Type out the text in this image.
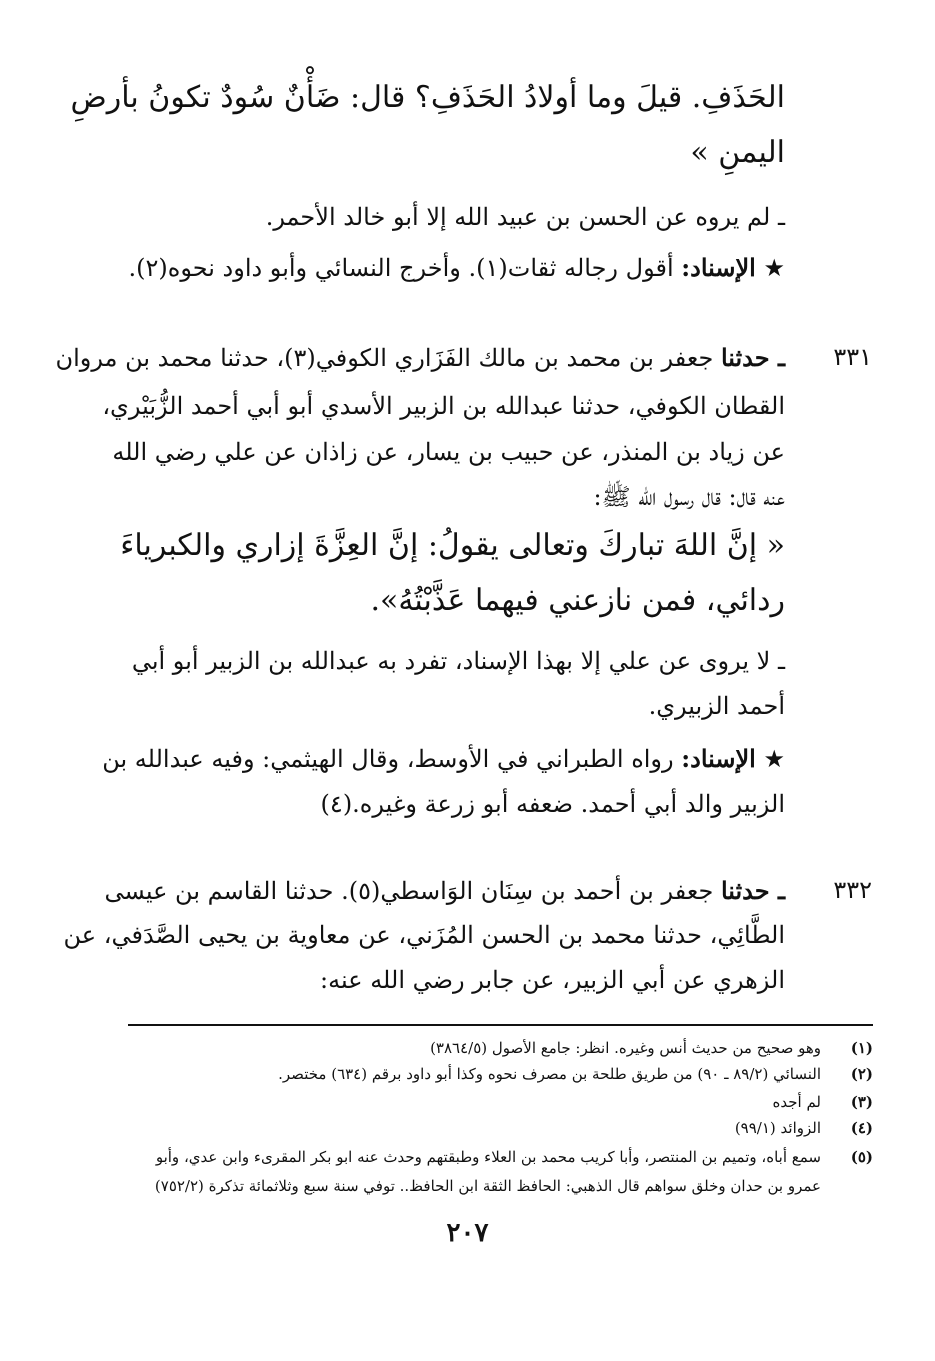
الحَذَفِ. قيلَ وما أولادُ الحَذَفِ؟ قال: ضَأْنٌ سُودٌ تكونُ بأرضِ
اليمنِ »
ـ لم يروه عن الحسن بن عبيد الله إلا أبو خالد الأحمر.
★ الإسناد: أقول رجاله ثقات(١). وأخرج النسائي وأبو داود نحوه(٢).
٣٣١
ـ حدثنا جعفر بن محمد بن مالك الفَزَاري الكوفي(٣)، حدثنا محمد بن مروان
القطان الكوفي، حدثنا عبدالله بن الزبير الأسدي أبو أبي أحمد الزُّبَيْري،
عن زياد بن المنذر، عن حبيب بن يسار، عن زاذان عن علي رضي الله
عنه قال: قال رسول الله ﷺ:
« إنَّ اللهَ تباركَ وتعالى يقولُ: إنَّ العِزَّةَ إزاري والكبرياءَ
ردائي، فمن نازعني فيهما عَذَّبْتُهُ».
ـ لا يروى عن علي إلا بهذا الإسناد، تفرد به عبدالله بن الزبير أبو أبي
أحمد الزبيري.
★ الإسناد: رواه الطبراني في الأوسط، وقال الهيثمي: وفيه عبدالله بن
الزبير والد أبي أحمد. ضعفه أبو زرعة وغيره.(٤)
٣٣٢
ـ حدثنا جعفر بن أحمد بن سِنَان الوَاسطي(٥). حدثنا القاسم بن عيسى
الطَّائِي، حدثنا محمد بن الحسن المُزَني، عن معاوية بن يحيى الصَّدَفي، عن
الزهري عن أبي الزبير، عن جابر رضي الله عنه:
(١)وهو صحيح من حديث أنس وغيره. انظر: جامع الأصول (٣٨٦٤/٥)
(٢)النسائي (٨٩/٢ ـ ٩٠) من طريق طلحة بن مصرف نحوه وكذا أبو داود برقم (٦٣٤) مختصر.
(٣)لم أجده
(٤)الزوائد (٩٩/١)
(٥)سمع أباه، وتميم بن المنتصر، وأبا كريب محمد بن العلاء وطبقتهم وحدث عنه ابو بكر المقرىء وابن عدي، وأبو
عمرو بن حدان وخلق سواهم قال الذهبي: الحافظ الثقة ابن الحافظ.. توفي سنة سبع وثلاثمائة تذكرة (٧٥٢/٢)
٢٠٧
